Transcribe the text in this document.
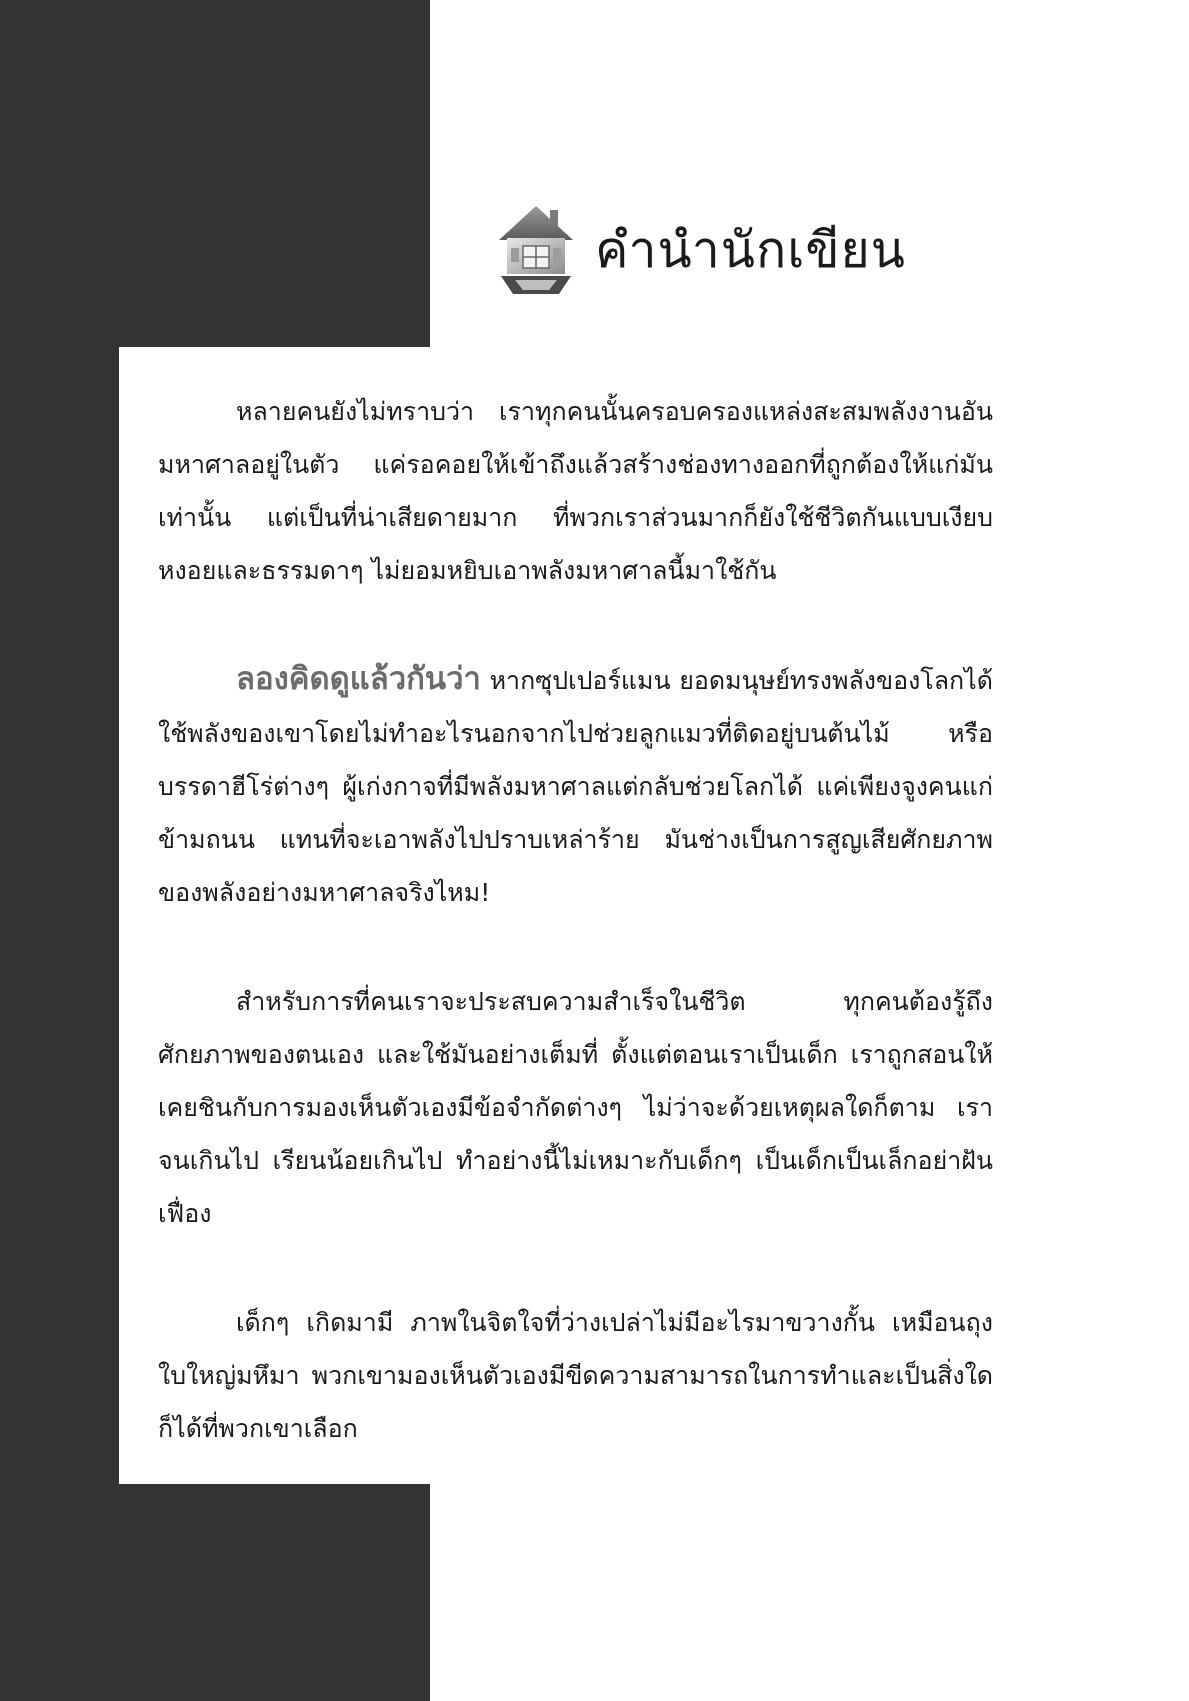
คำนำนักเขียน

หลายคนยังไม่ทราบว่า เราทุกคนนั้นครอบครองแหล่งสะสมพลังงานอันมหาศาลอยู่ในตัว แค่รอคอยให้เข้าถึงแล้วสร้างช่องทางออกที่ถูกต้องให้แก่มันเท่านั้น แต่เป็นที่น่าเสียดายมาก ที่พวกเราส่วนมากก็ยังใช้ชีวิตกันแบบเงียบหงอยและธรรมดาๆ ไม่ยอมหยิบเอาพลังมหาศาลนี้มาใช้กัน

ลองคิดดูแล้วกันว่า หากซุปเปอร์แมน ยอดมนุษย์ทรงพลังของโลกได้ใช้พลังของเขาโดยไม่ทำอะไรนอกจากไปช่วยลูกแมวที่ติดอยู่บนต้นไม้ หรือบรรดาฮีโร่ต่างๆ ผู้เก่งกาจที่มีพลังมหาศาลแต่กลับช่วยโลกได้ แค่เพียงจูงคนแก่ข้ามถนน แทนที่จะเอาพลังไปปราบเหล่าร้าย มันช่างเป็นการสูญเสียศักยภาพของพลังอย่างมหาศาลจริงไหม!

สำหรับการที่คนเราจะประสบความสำเร็จในชีวิต ทุกคนต้องรู้ถึงศักยภาพของตนเอง และใช้มันอย่างเต็มที่ ตั้งแต่ตอนเราเป็นเด็ก เราถูกสอนให้เคยชินกับการมองเห็นตัวเองมีข้อจำกัดต่างๆ ไม่ว่าจะด้วยเหตุผลใดก็ตาม เราจนเกินไป เรียนน้อยเกินไป ทำอย่างนี้ไม่เหมาะกับเด็กๆ เป็นเด็กเป็นเล็กอย่าฝันเฟื่อง

เด็กๆ เกิดมามี ภาพในจิตใจที่ว่างเปล่าไม่มีอะไรมาขวางกั้น เหมือนถุงใบใหญ่มหึมา พวกเขามองเห็นตัวเองมีขีดความสามารถในการทำและเป็นสิ่งใดก็ได้ที่พวกเขาเลือก
